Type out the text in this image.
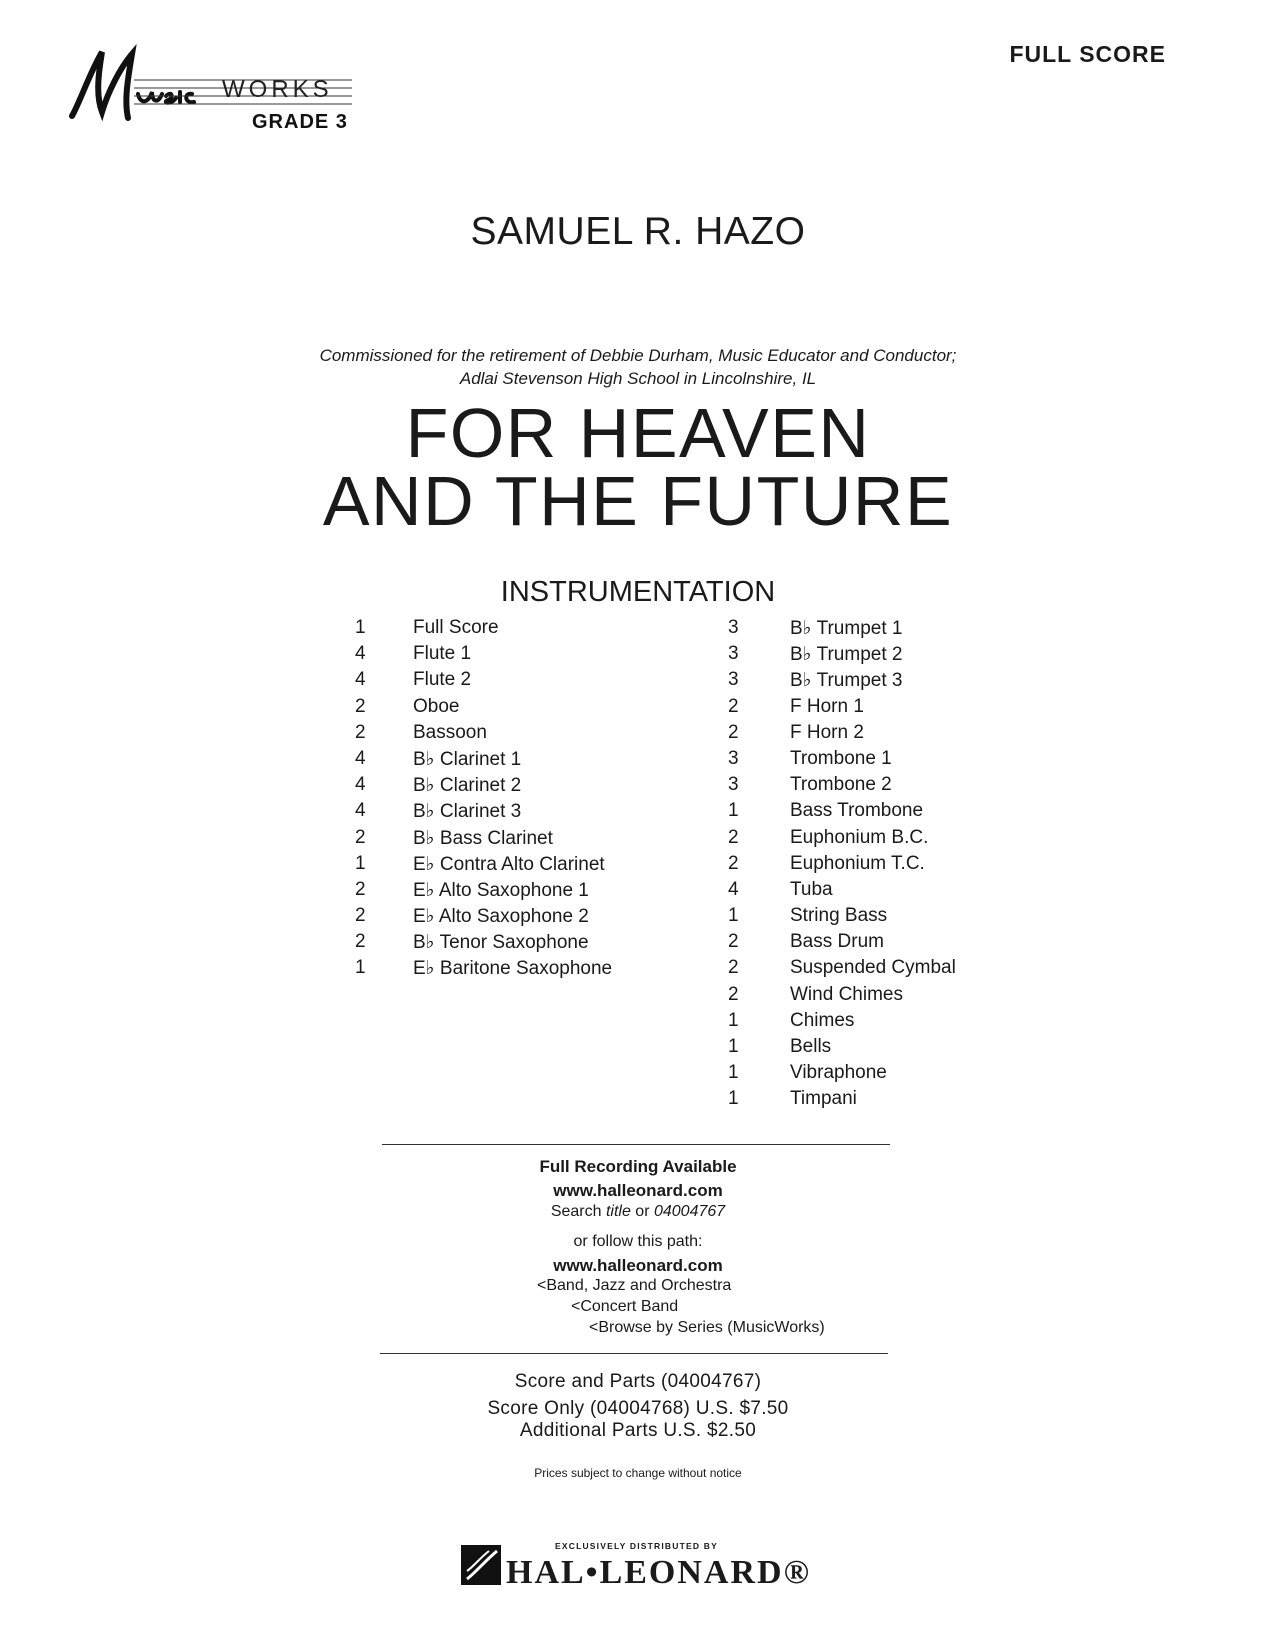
WORKS
GRADE 3
FULL SCORE
SAMUEL R. HAZO
Commissioned for the retirement of Debbie Durham, Music Educator and Conductor;
Adlai Stevenson High School in Lincolnshire, IL
FOR HEAVEN
AND THE FUTURE
INSTRUMENTATION
1	Full Score
4	Flute 1
4	Flute 2
2	Oboe
2	Bassoon
4	B♭ Clarinet 1
4	B♭ Clarinet 2
4	B♭ Clarinet 3
2	B♭ Bass Clarinet
1	E♭ Contra Alto Clarinet
2	E♭ Alto Saxophone 1
2	E♭ Alto Saxophone 2
2	B♭ Tenor Saxophone
1	E♭ Baritone Saxophone
3	B♭ Trumpet 1
3	B♭ Trumpet 2
3	B♭ Trumpet 3
2	F Horn 1
2	F Horn 2
3	Trombone 1
3	Trombone 2
1	Bass Trombone
2	Euphonium B.C.
2	Euphonium T.C.
4	Tuba
1	String Bass
2	Bass Drum
2	Suspended Cymbal
2	Wind Chimes
1	Chimes
1	Bells
1	Vibraphone
1	Timpani
Full Recording Available
www.halleonard.com
Search title or 04004767
or follow this path:
www.halleonard.com
<Band, Jazz and Orchestra
<Concert Band
<Browse by Series (MusicWorks)
Score and Parts (04004767)
Score Only (04004768) U.S. $7.50
Additional Parts U.S. $2.50
Prices subject to change without notice
EXCLUSIVELY DISTRIBUTED BY
HAL•LEONARD®
